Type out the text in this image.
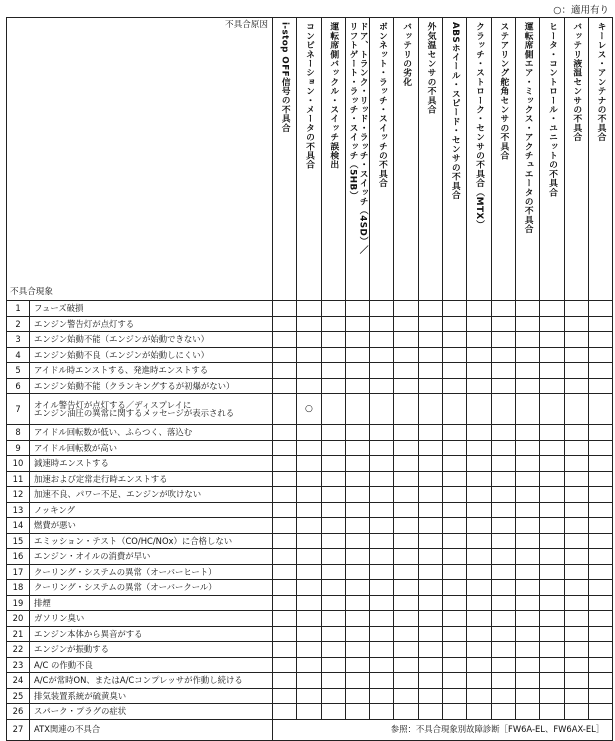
○：適用有り
不具合原因
不具合現象		i-stop OFF信号の不具合	コンビネーション・メータの不具合	運転席側バックル・スイッチ誤検出	ドア、トランク・リッド・ラッチ・スイッチ（4SD）／
リフトゲート・ラッチ・スイッチ（5HB）	ボンネット・ラッチ・スイッチの不具合	バッテリの劣化	外気温センサの不具合	ABSホイール・スピード・センサの不具合	クラッチ・ストローク・センサの不具合（MTX）	ステアリング舵角センサの不具合	運転席側エア・ミックス・アクチュエータの不具合	ヒータ・コントロール・ユニットの不具合	バッテリ液温センサの不具合	キーレス・アンテナの不具合

1	フューズ破損														

2	エンジン警告灯が点灯する														

3	エンジン始動不能（エンジンが始動できない）														

4	エンジン始動不良（エンジンが始動しにくい）														

5	アイドル時エンストする、発進時エンストする														

6	エンジン始動不能（クランキングするが初爆がない）														

7	オイル警告灯が点灯する／ディスプレイに
エンジン油圧の異常に関するメッセージが表示される		○												
8	アイドル回転数が低い、ふらつく、落込む														

9	アイドル回転数が高い														

10	減速時エンストする														

11	加速および定常走行時エンストする														

12	加速不良、パワー不足、エンジンが吹けない														

13	ノッキング														

14	燃費が悪い														

15	エミッション・テスト（CO/HC/NOx）に合格しない														

16	エンジン・オイルの消費が早い														

17	クーリング・システムの異常（オーバーヒート）														

18	クーリング・システムの異常（オーバークール）														

19	排煙														

20	ガソリン臭い														

21	エンジン本体から異音がする														

22	エンジンが振動する														

23	A/C の作動不良														

24	A/Cが常時ON、またはA/Cコンプレッサが作動し続ける														

25	排気装置系統が硫黄臭い														

26	スパーク・プラグの症状														

27	ATX関連の不具合	参照：不具合現象別故障診断［FW6A-EL、FW6AX-EL］													
